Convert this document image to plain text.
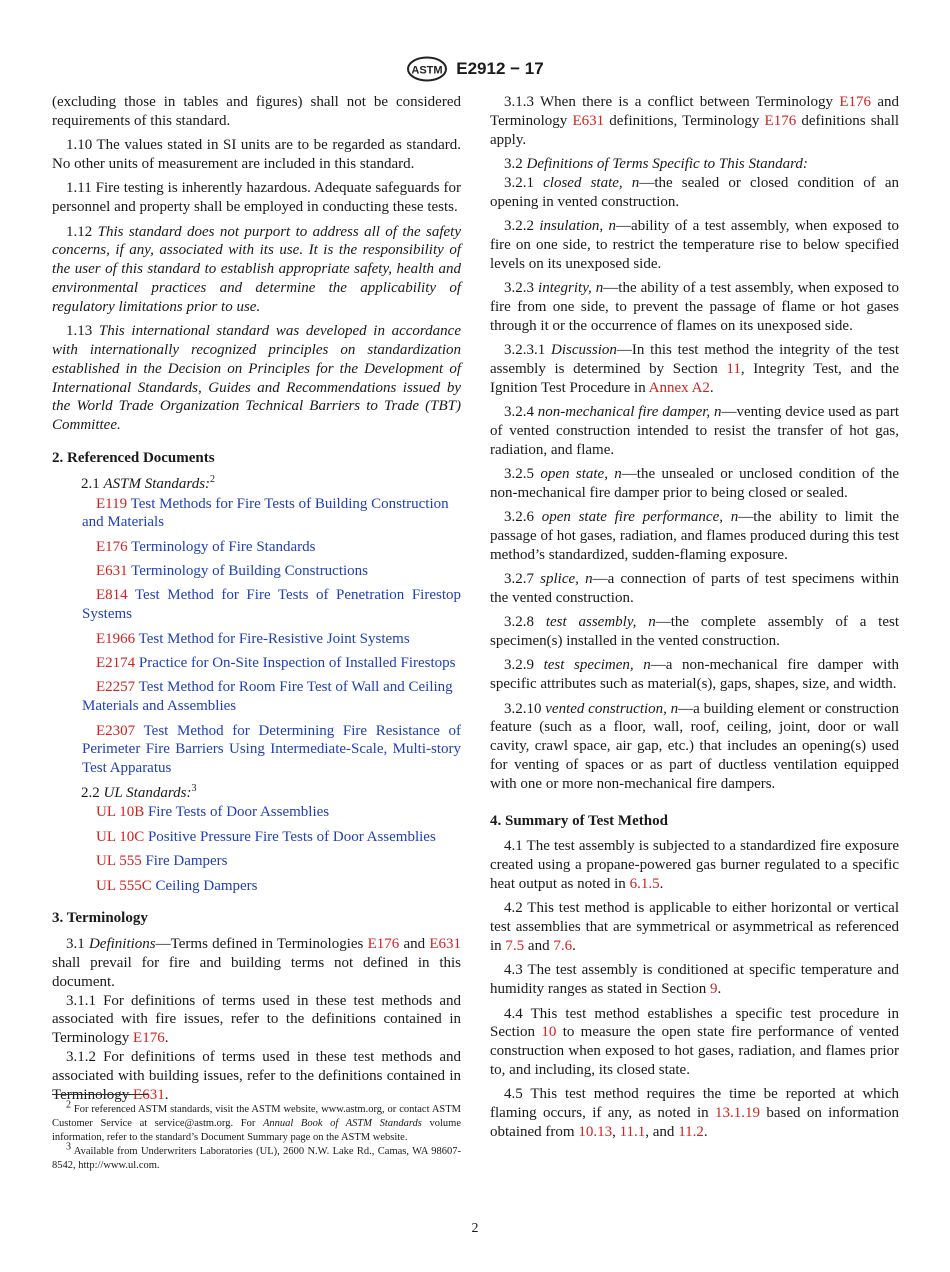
ASTM E2912 − 17

(excluding those in tables and figures) shall not be considered requirements of this standard.

1.10 The values stated in SI units are to be regarded as standard. No other units of measurement are included in this standard.

1.11 Fire testing is inherently hazardous. Adequate safeguards for personnel and property shall be employed in conducting these tests.

1.12 This standard does not purport to address all of the safety concerns, if any, associated with its use. It is the responsibility of the user of this standard to establish appropriate safety, health and environmental practices and determine the applicability of regulatory limitations prior to use.

1.13 This international standard was developed in accordance with internationally recognized principles on standardization established in the Decision on Principles for the Development of International Standards, Guides and Recommendations issued by the World Trade Organization Technical Barriers to Trade (TBT) Committee.

2. Referenced Documents

2.1 ASTM Standards:$^2$

E119 Test Methods for Fire Tests of Building Construction and Materials

E176 Terminology of Fire Standards

E631 Terminology of Building Constructions

E814 Test Method for Fire Tests of Penetration Firestop Systems

E1966 Test Method for Fire-Resistive Joint Systems

E2174 Practice for On-Site Inspection of Installed Firestops

E2257 Test Method for Room Fire Test of Wall and Ceiling Materials and Assemblies

E2307 Test Method for Determining Fire Resistance of Perimeter Fire Barriers Using Intermediate-Scale, Multi-story Test Apparatus

2.2 UL Standards:$^3$

UL 10B Fire Tests of Door Assemblies

UL 10C Positive Pressure Fire Tests of Door Assemblies

UL 555 Fire Dampers

UL 555C Ceiling Dampers

3. Terminology

3.1 Definitions—Terms defined in Terminologies E176 and E631 shall prevail for fire and building terms not defined in this document.

3.1.1 For definitions of terms used in these test methods and associated with fire issues, refer to the definitions contained in Terminology E176.

3.1.2 For definitions of terms used in these test methods and associated with building issues, refer to the definitions contained in Terminology E631.

$^2$ For referenced ASTM standards, visit the ASTM website, www.astm.org, or contact ASTM Customer Service at service@astm.org. For Annual Book of ASTM Standards volume information, refer to the standard’s Document Summary page on the ASTM website.

$^3$ Available from Underwriters Laboratories (UL), 2600 N.W. Lake Rd., Camas, WA 98607-8542, http://www.ul.com.

3.1.3 When there is a conflict between Terminology E176 and Terminology E631 definitions, Terminology E176 definitions shall apply.

3.2 Definitions of Terms Specific to This Standard:

3.2.1 closed state, n—the sealed or closed condition of an opening in vented construction.

3.2.2 insulation, n—ability of a test assembly, when exposed to fire on one side, to restrict the temperature rise to below specified levels on its unexposed side.

3.2.3 integrity, n—the ability of a test assembly, when exposed to fire from one side, to prevent the passage of flame or hot gases through it or the occurrence of flames on its unexposed side.

3.2.3.1 Discussion—In this test method the integrity of the test assembly is determined by Section 11, Integrity Test, and the Ignition Test Procedure in Annex A2.

3.2.4 non-mechanical fire damper, n—venting device used as part of vented construction intended to resist the transfer of hot gas, radiation, and flame.

3.2.5 open state, n—the unsealed or unclosed condition of the non-mechanical fire damper prior to being closed or sealed.

3.2.6 open state fire performance, n—the ability to limit the passage of hot gases, radiation, and flames produced during this test method’s standardized, sudden-flaming exposure.

3.2.7 splice, n—a connection of parts of test specimens within the vented construction.

3.2.8 test assembly, n—the complete assembly of a test specimen(s) installed in the vented construction.

3.2.9 test specimen, n—a non-mechanical fire damper with specific attributes such as material(s), gaps, shapes, size, and width.

3.2.10 vented construction, n—a building element or construction feature (such as a floor, wall, roof, ceiling, joint, door or wall cavity, crawl space, air gap, etc.) that includes an opening(s) used for venting of spaces or as part of ductless ventilation equipped with one or more non-mechanical fire dampers.

4. Summary of Test Method

4.1 The test assembly is subjected to a standardized fire exposure created using a propane-powered gas burner regulated to a specific heat output as noted in 6.1.5.

4.2 This test method is applicable to either horizontal or vertical test assemblies that are symmetrical or asymmetrical as referenced in 7.5 and 7.6.

4.3 The test assembly is conditioned at specific temperature and humidity ranges as stated in Section 9.

4.4 This test method establishes a specific test procedure in Section 10 to measure the open state fire performance of vented construction when exposed to hot gases, radiation, and flames prior to, and including, its closed state.

4.5 This test method requires the time be reported at which flaming occurs, if any, as noted in 13.1.19 based on information obtained from 10.13, 11.1, and 11.2.

2
